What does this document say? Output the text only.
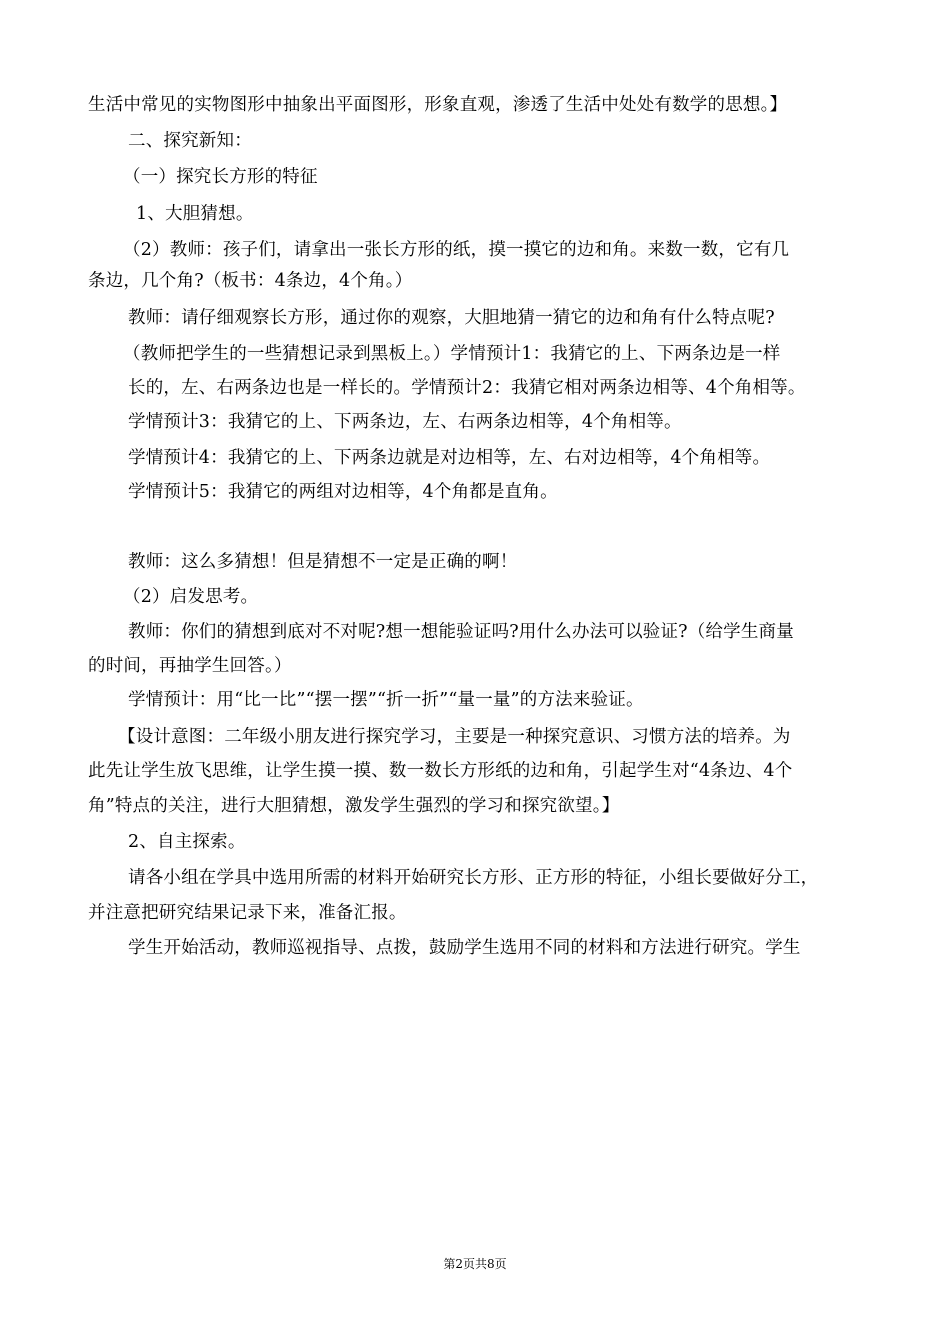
生活中常见的实物图形中抽象出平面图形，形象直观，渗透了生活中处处有数学的思想。】
二、探究新知：
（一）探究长方形的特征
1、大胆猜想。
（2）教师：孩子们，请拿出一张长方形的纸，摸一摸它的边和角。来数一数，它有几
条边，几个角?（板书：4条边，4个角。）
教师：请仔细观察长方形，通过你的观察，大胆地猜一猜它的边和角有什么特点呢?
（教师把学生的一些猜想记录到黑板上。）学情预计1：我猜它的上、下两条边是一样
长的，左、右两条边也是一样长的。学情预计2：我猜它相对两条边相等、4个角相等。
学情预计3：我猜它的上、下两条边，左、右两条边相等，4个角相等。
学情预计4：我猜它的上、下两条边就是对边相等，左、右对边相等，4个角相等。
学情预计5：我猜它的两组对边相等，4个角都是直角。
教师：这么多猜想！但是猜想不一定是正确的啊！
（2）启发思考。
教师：你们的猜想到底对不对呢?想一想能验证吗?用什么办法可以验证?（给学生商量
的时间，再抽学生回答。）
学情预计：用“比一比”“摆一摆”“折一折”“量一量”的方法来验证。
【设计意图：二年级小朋友进行探究学习，主要是一种探究意识、习惯方法的培养。为
此先让学生放飞思维，让学生摸一摸、数一数长方形纸的边和角，引起学生对“4条边、4个
角”特点的关注，进行大胆猜想，激发学生强烈的学习和探究欲望。】
2、自主探索。
请各小组在学具中选用所需的材料开始研究长方形、正方形的特征，小组长要做好分工，
并注意把研究结果记录下来，准备汇报。
学生开始活动，教师巡视指导、点拨，鼓励学生选用不同的材料和方法进行研究。学生
第2页共8页
